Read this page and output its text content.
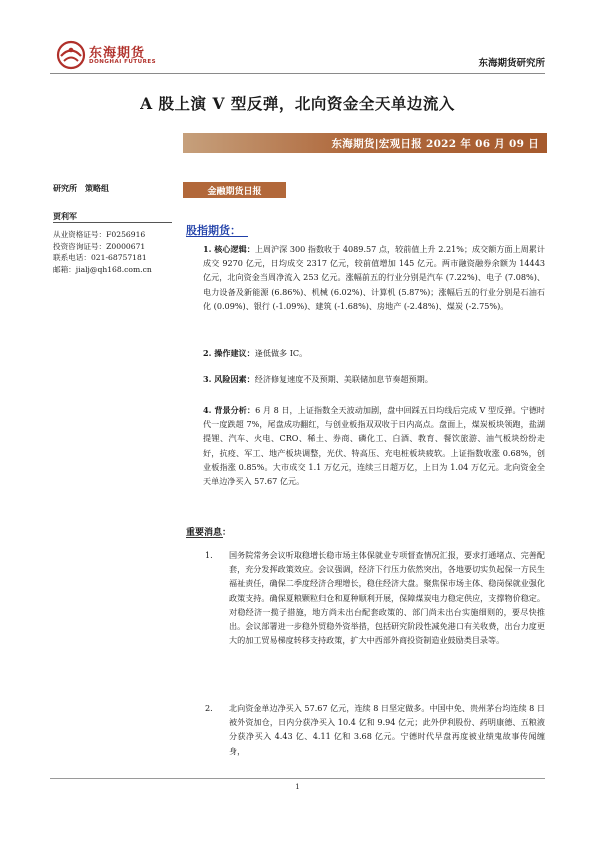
东海期货
DONGHAI FUTURES	东海期货研究所
A 股上演 V 型反弹，北向资金全天单边流入
东海期货|宏观日报 2022 年 06 月 09 日
研究所　策略组
贾利军
从业资格证号：F0256916
投资咨询证号：Z0000671
联系电话：021-68757181
邮箱：jialj@qh168.com.cn
金融期货日报
股指期货：
1. 核心逻辑：上周沪深 300 指数收于 4089.57 点，较前值上升 2.21%；成交额方面上周累计成交 9270 亿元，日均成交 2317 亿元，较前值增加 145 亿元。两市融资融券余额为 14443 亿元，北向资金当周净流入 253 亿元。涨幅前五的行业分别是汽车 (7.22%)、电子 (7.08%)、电力设备及新能源 (6.86%)、机械 (6.02%)、计算机 (5.87%)；涨幅后五的行业分别是石油石化 (0.09%)、银行 (-1.09%)、建筑 (-1.68%)、房地产 (-2.48%)、煤炭 (-2.75%)。
2. 操作建议：逢低做多 IC。
3. 风险因素：经济修复速度不及预期、美联储加息节奏超预期。
4. 背景分析：6 月 8 日，上证指数全天波动加剧，盘中回踩五日均线后完成 V 型反弹。宁德时代一度跌超 7%，尾盘成功翻红，与创业板指双双收于日内高点。盘面上，煤炭板块领跑，盐湖提锂、汽车、火电、CRO、稀土、券商、磷化工、白酒、教育、餐饮旅游、油气板块纷纷走好，抗疫、军工、地产板块调整，光伏、特高压、充电桩板块疲软。上证指数收涨 0.68%，创业板指涨 0.85%。大市成交 1.1 万亿元，连续三日超万亿，上日为 1.04 万亿元。北向资金全天单边净买入 57.67 亿元。
重要消息：
1. 国务院常务会议听取稳增长稳市场主体保就业专项督查情况汇报，要求打通堵点、完善配套，充分发挥政策效应。会议强调，经济下行压力依然突出，各地要切实负起保一方民生福祉责任，确保二季度经济合理增长，稳住经济大盘。聚焦保市场主体、稳岗保就业强化政策支持。确保夏粮颗粒归仓和夏种顺利开展，保障煤炭电力稳定供应，支撑物价稳定。对稳经济一揽子措施，地方尚未出台配套政策的、部门尚未出台实施细则的，要尽快推出。会议部署进一步稳外贸稳外资举措，包括研究阶段性减免港口有关收费，出台力度更大的加工贸易梯度转移支持政策，扩大中西部外商投资制造业鼓励类目录等。
2. 北向资金单边净买入 57.67 亿元，连续 8 日坚定做多。中国中免、贵州茅台均连续 8 日被外资加仓，日内分获净买入 10.4 亿和 9.94 亿元；此外伊利股份、药明康德、五粮液分获净买入 4.43 亿、4.11 亿和 3.68 亿元。宁德时代早盘再度被业绩鬼故事传闻缠身，
1
